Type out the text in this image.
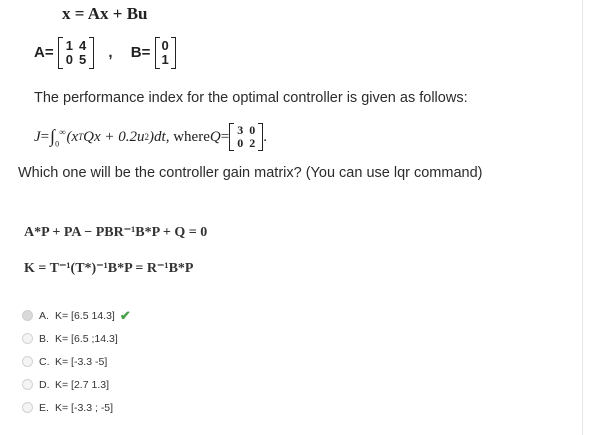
˙ x = Ax + Bu
A= 1	4
0	5 , B= 0
1
The performance index for the optimal controller is given as follows:
$J = \int_0^\infty$ (x T Qx + 0.2u 2 )dt , where Q = 3	0
0	2 .
Which one will be the controller gain matrix? (You can use lqr command)
A*P + PA − PBR⁻¹B*P + Q = 0
K = T⁻¹(T*)⁻¹B*P = R⁻¹B*P
A. K= [6.5 14.3] ✔
B. K= [6.5 ;14.3]
C. K= [-3.3 -5]
D. K= [2.7 1.3]
E. K= [-3.3 ; -5]
